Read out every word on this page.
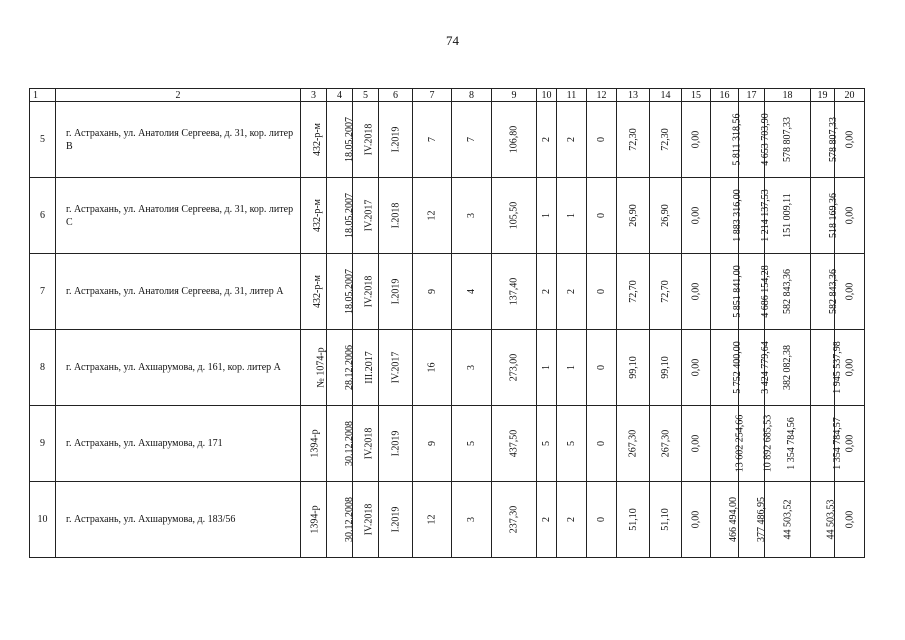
74
1	2	3	4	5	6	7	8	9	10	11	12	13	14	15	16	17	18	19	20
5	г. Астрахань, ул. Анатолия Сергеева, д. 31, кор. литер В	432-р-м	18.05.2007	IV.2018	I.2019	7	7	106,80	2	2	0	72,30	72,30	0,00	5 811 318,56	4 653 703,90	578 807,33	578 807,33	0,00
6	г. Астрахань, ул. Анатолия Сергеева, д. 31, кор. литер С	432-р-м	18.05.2007	IV.2017	I.2018	12	3	105,50	1	1	0	26,90	26,90	0,00	1 883 316,00	1 214 137,53	151 009,11	518 169,36	0,00
7	г. Астрахань, ул. Анатолия Сергеева, д. 31, литер А	432-р-м	18.05.2007	IV.2018	I.2019	9	4	137,40	2	2	0	72,70	72,70	0,00	5 851 841,00	4 686 154,28	582 843,36	582 843,36	0,00
8	г. Астрахань, ул. Ахшарумова, д. 161, кор. литер А	№ 1074-р	28.12.2006	III.2017	IV.2017	16	3	273,00	1	1	0	99,10	99,10	0,00	5 752 400,00	3 424 779,64	382 082,38	1 945 537,98	0,00
9	г. Астрахань, ул. Ахшарумова, д. 171	1394-р	30.12.2008	IV.2018	I.2019	9	5	437,50	5	5	0	267,30	267,30	0,00	13 602 254,66	10 892 685,53	1 354 784,56	1 354 784,57	0,00
10	г. Астрахань, ул. Ахшарумова, д. 183/56	1394-р	30.12.2008	IV.2018	I.2019	12	3	237,30	2	2	0	51,10	51,10	0,00	466 494,00	377 486,95	44 503,52	44 503,53	0,00
